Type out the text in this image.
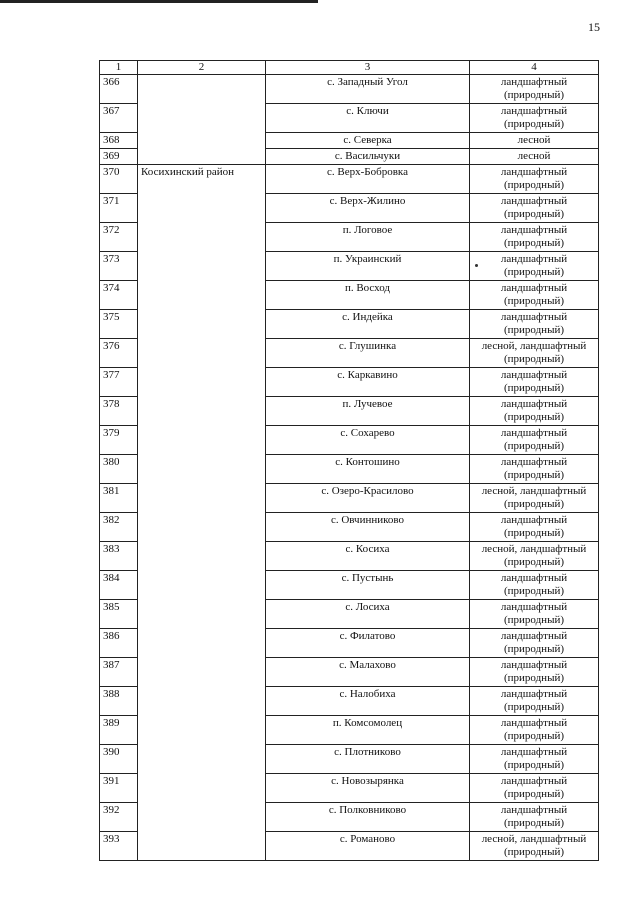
15
1	2	3	4
366		с. Западный Угол	ландшафтный (природный)
367		с. Ключи	ландшафтный (природный)
368		с. Северка	лесной
369		с. Васильчуки	лесной
370	Косихинский район	с. Верх-Бобровка	ландшафтный (природный)
371		с. Верх-Жилино	ландшафтный (природный)
372		п. Логовое	ландшафтный (природный)
373		п. Украинский	ландшафтный (природный)
374		п. Восход	ландшафтный (природный)
375		с. Индейка	ландшафтный (природный)
376		с. Глушинка	лесной, ландшафтный (природный)
377		с. Каркавино	ландшафтный (природный)
378		п. Лучевое	ландшафтный (природный)
379		с. Сохарево	ландшафтный (природный)
380		с. Контошино	ландшафтный (природный)
381		с. Озеро-Красилово	лесной, ландшафтный (природный)
382		с. Овчинниково	ландшафтный (природный)
383		с. Косиха	лесной, ландшафтный (природный)
384		с. Пустынь	ландшафтный (природный)
385		с. Лосиха	ландшафтный (природный)
386		с. Филатово	ландшафтный (природный)
387		с. Малахово	ландшафтный (природный)
388		с. Налобиха	ландшафтный (природный)
389		п. Комсомолец	ландшафтный (природный)
390		с. Плотниково	ландшафтный (природный)
391		с. Новозырянка	ландшафтный (природный)
392		с. Полковниково	ландшафтный (природный)
393		с. Романово	лесной, ландшафтный (природный)
